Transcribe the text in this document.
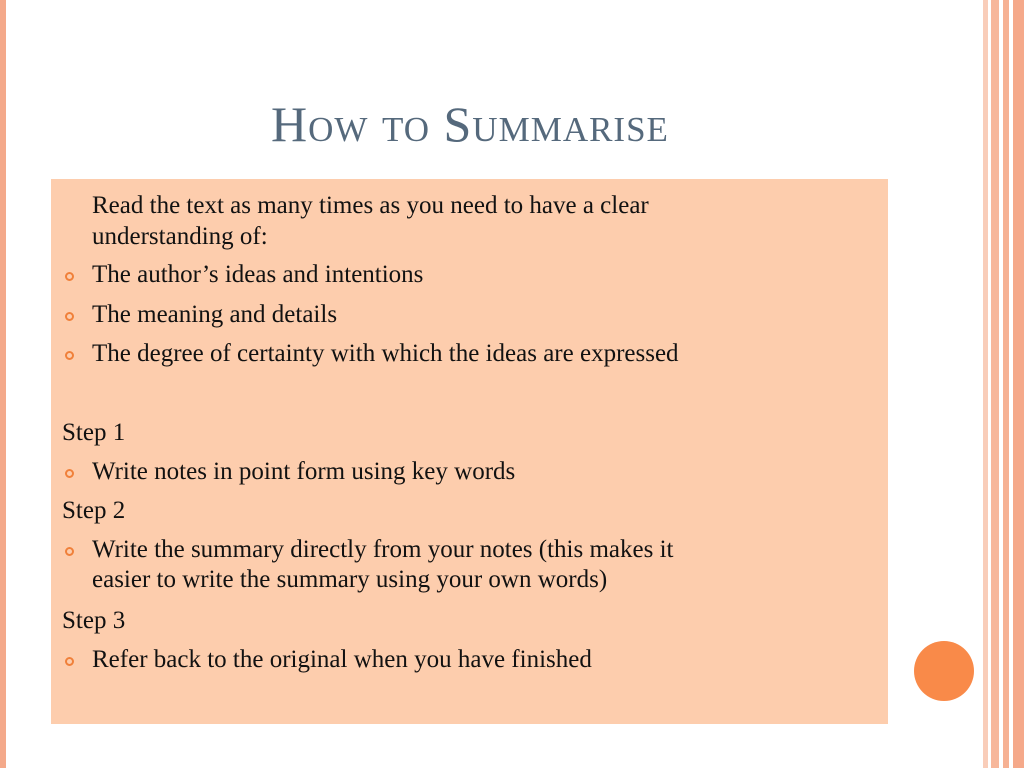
How to Summarise
Read the text as many times as you need to have a clear
understanding of:
The author’s ideas and intentions
The meaning and details
The degree of certainty with which the ideas are expressed
Step 1
Write notes in point form using key words
Step 2
Write the summary directly from your notes (this makes it
easier to write the summary using your own words)
Step 3
Refer back to the original when you have finished
